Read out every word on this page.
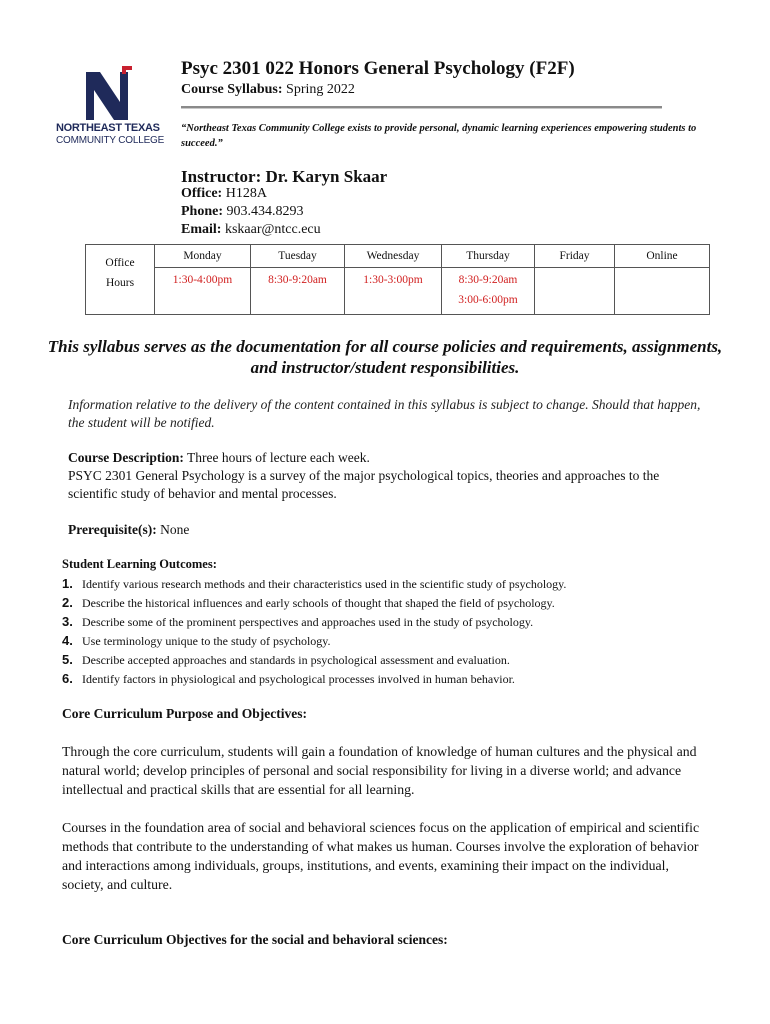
NORTHEAST TEXAS
COMMUNITY COLLEGE
Psyc 2301 022 Honors General Psychology (F2F)
Course Syllabus: Spring 2022
“Northeast Texas Community College exists to provide personal, dynamic learning experiences empowering students to succeed.”
Instructor: Dr. Karyn Skaar
Office: H128A
Phone: 903.434.8293
Email: kskaar@ntcc.ecu
Office
Hours	Monday	Tuesday	Wednesday	Thursday	Friday	Online
	1:30-4:00pm	8:30-9:20am	1:30-3:00pm	8:30-9:20am
3:00-6:00pm		

This syllabus serves as the documentation for all course policies and requirements, assignments, and instructor/student responsibilities.
Information relative to the delivery of the content contained in this syllabus is subject to change. Should that happen, the student will be notified.
Course Description: Three hours of lecture each week.
PSYC 2301 General Psychology is a survey of the major psychological topics, theories and approaches to the scientific study of behavior and mental processes.
Prerequisite(s): None
Student Learning Outcomes:
1. Identify various research methods and their characteristics used in the scientific study of psychology.
2. Describe the historical influences and early schools of thought that shaped the field of psychology.
3. Describe some of the prominent perspectives and approaches used in the study of psychology.
4. Use terminology unique to the study of psychology.
5. Describe accepted approaches and standards in psychological assessment and evaluation.
6. Identify factors in physiological and psychological processes involved in human behavior.
Core Curriculum Purpose and Objectives:
Through the core curriculum, students will gain a foundation of knowledge of human cultures and the physical and natural world; develop principles of personal and social responsibility for living in a diverse world; and advance intellectual and practical skills that are essential for all learning.
Courses in the foundation area of social and behavioral sciences focus on the application of empirical and scientific methods that contribute to the understanding of what makes us human. Courses involve the exploration of behavior and interactions among individuals, groups, institutions, and events, examining their impact on the individual, society, and culture.
Core Curriculum Objectives for the social and behavioral sciences:
